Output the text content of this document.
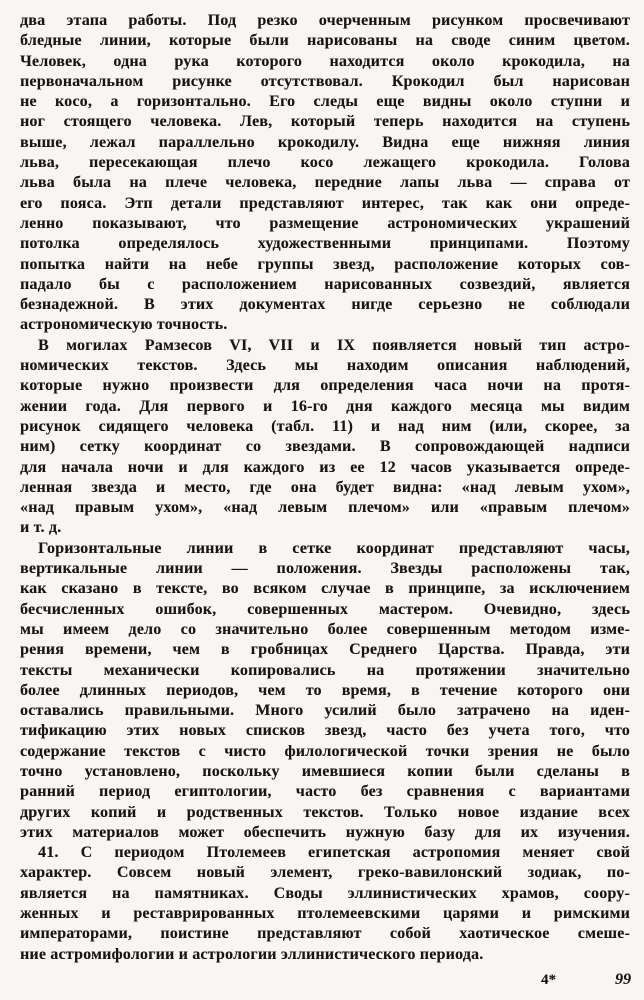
два этапа работы. Под резко очерченным рисунком просвечивают
бледные линии, которые были нарисованы на своде синим цветом.
Человек, одна рука которого находится около крокодила, на
первоначальном рисунке отсутствовал. Крокодил был нарисован
не косо, а горизонтально. Его следы еще видны около ступни и
ног стоящего человека. Лев, который теперь находится на ступень
выше, лежал параллельно крокодилу. Видна еще нижняя линия
льва, пересекающая плечо косо лежащего крокодила. Голова
льва была на плече человека, передние лапы льва — справа от
его пояса. Этп детали представляют интерес, так как они опреде-
ленно показывают, что размещение астрономических украшений
потолка определялось художественными принципами. Поэтому
попытка найти на небе группы звезд, расположение которых сов-
падало бы с расположением нарисованных созвездий, является
безнадежной. В этих документах нигде серьезно не соблюдали
астрономическую точность.
В могилах Рамзесов VI, VII и IX появляется новый тип астро-
номических текстов. Здесь мы находим описания наблюдений,
которые нужно произвести для определения часа ночи на протя-
жении года. Для первого и 16-го дня каждого месяца мы видим
рисунок сидящего человека (табл. 11) и над ним (или, скорее, за
ним) сетку координат со звездами. В сопровождающей надписи
для начала ночи и для каждого из ее 12 часов указывается опреде-
ленная звезда и место, где она будет видна: «над левым ухом»,
«над правым ухом», «над левым плечом» или «правым плечом»
и т. д.
Горизонтальные линии в сетке координат представляют часы,
вертикальные линии — положения. Звезды расположены так,
как сказано в тексте, во всяком случае в принципе, за исключением
бесчисленных ошибок, совершенных мастером. Очевидно, здесь
мы имеем дело со значительно более совершенным методом изме-
рения времени, чем в гробницах Среднего Царства. Правда, эти
тексты механически копировались на протяжении значительно
более длинных периодов, чем то время, в течение которого они
оставались правильными. Много усилий было затрачено на иден-
тификацию этих новых списков звезд, часто без учета того, что
содержание текстов с чисто филологической точки зрения не было
точно установлено, поскольку имевшиеся копии были сделаны в
ранний период египтологии, часто без сравнения с вариантами
других копий и родственных текстов. Только новое издание всех
этих материалов может обеспечить нужную базу для их изучения.
41. С периодом Птолемеев египетская астропомия меняет свой
характер. Совсем новый элемент, греко-вавилонский зодиак, по-
является на памятниках. Своды эллинистических храмов, соору-
женных и реставрированных птолемеевскими царями и римскими
императорами, поистине представляют собой хаотическое смеше-
ние астромифологии и астрологии эллинистического периода.
4*	99
